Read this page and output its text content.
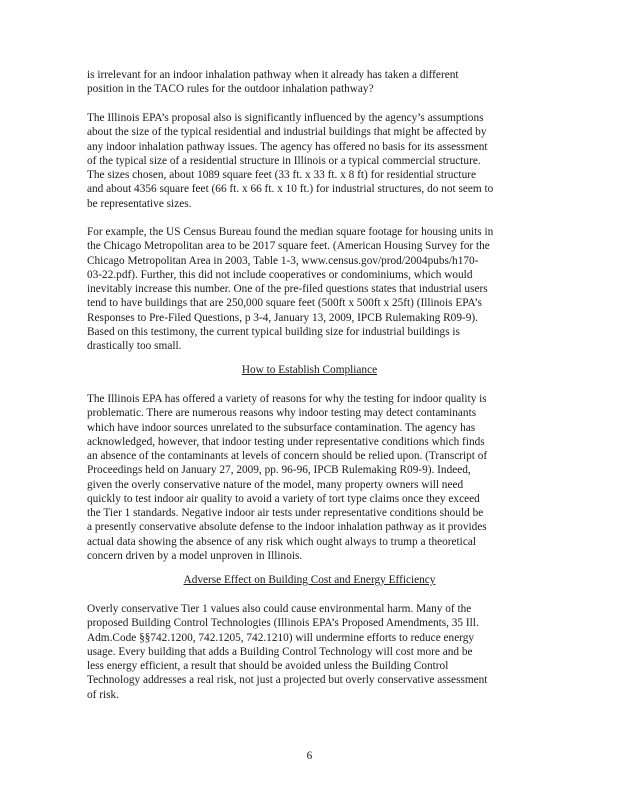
is irrelevant for an indoor inhalation pathway when it already has taken a different
position in the TACO rules for the outdoor inhalation pathway?
The Illinois EPA’s proposal also is significantly influenced by the agency’s assumptions
about the size of the typical residential and industrial buildings that might be affected by
any indoor inhalation pathway issues. The agency has offered no basis for its assessment
of the typical size of a residential structure in Illinois or a typical commercial structure.
The sizes chosen, about 1089 square feet (33 ft. x 33 ft. x 8 ft) for residential structure
and about 4356 square feet (66 ft. x 66 ft. x 10 ft.) for industrial structures, do not seem to
be representative sizes.
For example, the US Census Bureau found the median square footage for housing units in
the Chicago Metropolitan area to be 2017 square feet. (American Housing Survey for the
Chicago Metropolitan Area in 2003, Table 1-3, www.census.gov/prod/2004pubs/h170-
03-22.pdf). Further, this did not include cooperatives or condominiums, which would
inevitably increase this number. One of the pre-filed questions states that industrial users
tend to have buildings that are 250,000 square feet (500ft x 500ft x 25ft) (Illinois EPA’s
Responses to Pre-Filed Questions, p 3-4, January 13, 2009, IPCB Rulemaking R09-9).
Based on this testimony, the current typical building size for industrial buildings is
drastically too small.
How to Establish Compliance
The Illinois EPA has offered a variety of reasons for why the testing for indoor quality is
problematic. There are numerous reasons why indoor testing may detect contaminants
which have indoor sources unrelated to the subsurface contamination. The agency has
acknowledged, however, that indoor testing under representative conditions which finds
an absence of the contaminants at levels of concern should be relied upon. (Transcript of
Proceedings held on January 27, 2009, pp. 96-96, IPCB Rulemaking R09-9). Indeed,
given the overly conservative nature of the model, many property owners will need
quickly to test indoor air quality to avoid a variety of tort type claims once they exceed
the Tier 1 standards. Negative indoor air tests under representative conditions should be
a presently conservative absolute defense to the indoor inhalation pathway as it provides
actual data showing the absence of any risk which ought always to trump a theoretical
concern driven by a model unproven in Illinois.
Adverse Effect on Building Cost and Energy Efficiency
Overly conservative Tier 1 values also could cause environmental harm. Many of the
proposed Building Control Technologies (Illinois EPA’s Proposed Amendments, 35 Ill.
Adm.Code §§742.1200, 742.1205, 742.1210) will undermine efforts to reduce energy
usage. Every building that adds a Building Control Technology will cost more and be
less energy efficient, a result that should be avoided unless the Building Control
Technology addresses a real risk, not just a projected but overly conservative assessment
of risk.
6
